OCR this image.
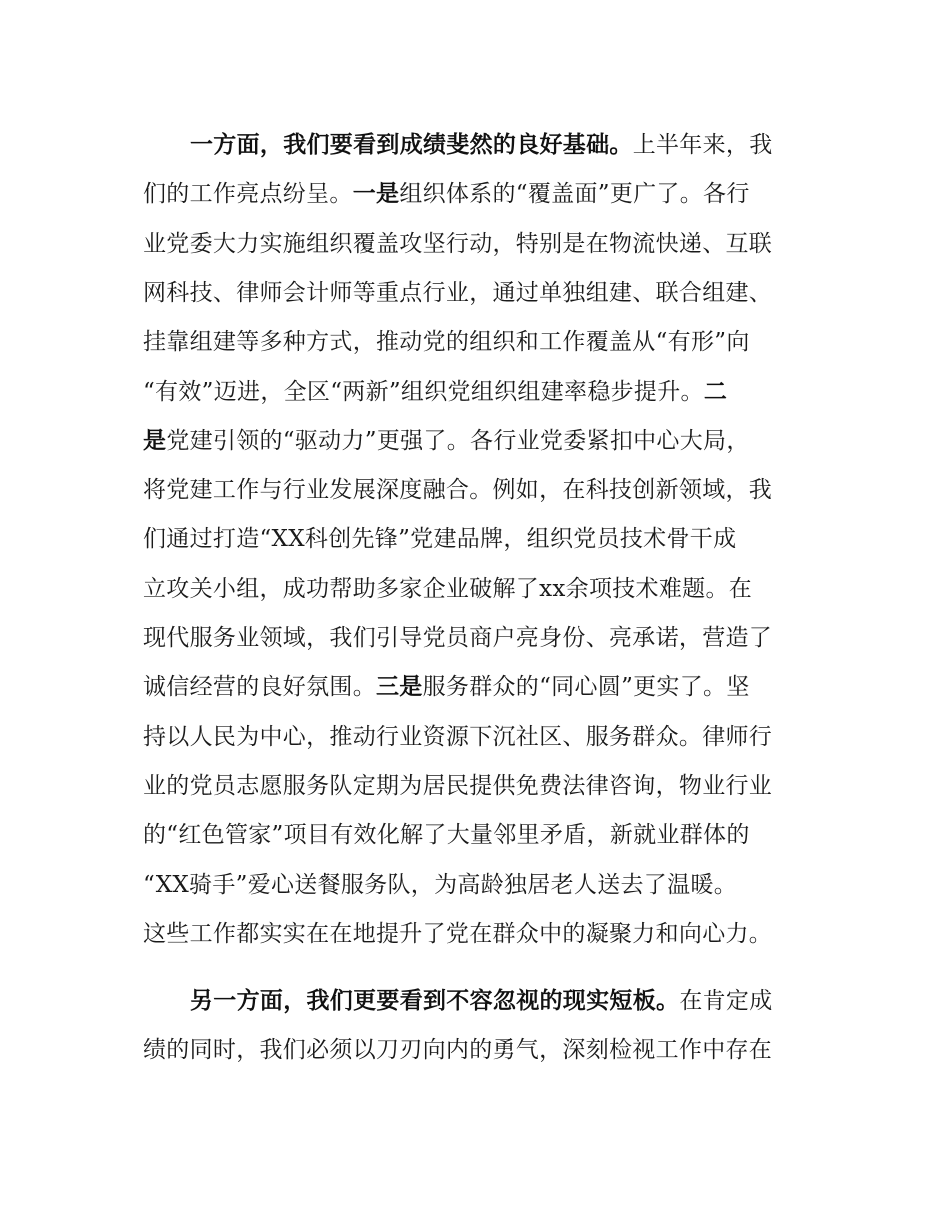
一方面，我们要看到成绩斐然的良好基础。上半年来，我
们的工作亮点纷呈。一是组织体系的“覆盖面”更广了。各行
业党委大力实施组织覆盖攻坚行动，特别是在物流快递、互联
网科技、律师会计师等重点行业，通过单独组建、联合组建、
挂靠组建等多种方式，推动党的组织和工作覆盖从“有形”向
“有效”迈进，全区“两新”组织党组织组建率稳步提升。二
是党建引领的“驱动力”更强了。各行业党委紧扣中心大局，
将党建工作与行业发展深度融合。例如，在科技创新领域，我
们通过打造“XX科创先锋”党建品牌，组织党员技术骨干成
立攻关小组，成功帮助多家企业破解了xx余项技术难题。在
现代服务业领域，我们引导党员商户亮身份、亮承诺，营造了
诚信经营的良好氛围。三是服务群众的“同心圆”更实了。坚
持以人民为中心，推动行业资源下沉社区、服务群众。律师行
业的党员志愿服务队定期为居民提供免费法律咨询，物业行业
的“红色管家”项目有效化解了大量邻里矛盾，新就业群体的
“XX骑手”爱心送餐服务队，为高龄独居老人送去了温暖。
这些工作都实实在在地提升了党在群众中的凝聚力和向心力。
另一方面，我们更要看到不容忽视的现实短板。在肯定成
绩的同时，我们必须以刀刃向内的勇气，深刻检视工作中存在
